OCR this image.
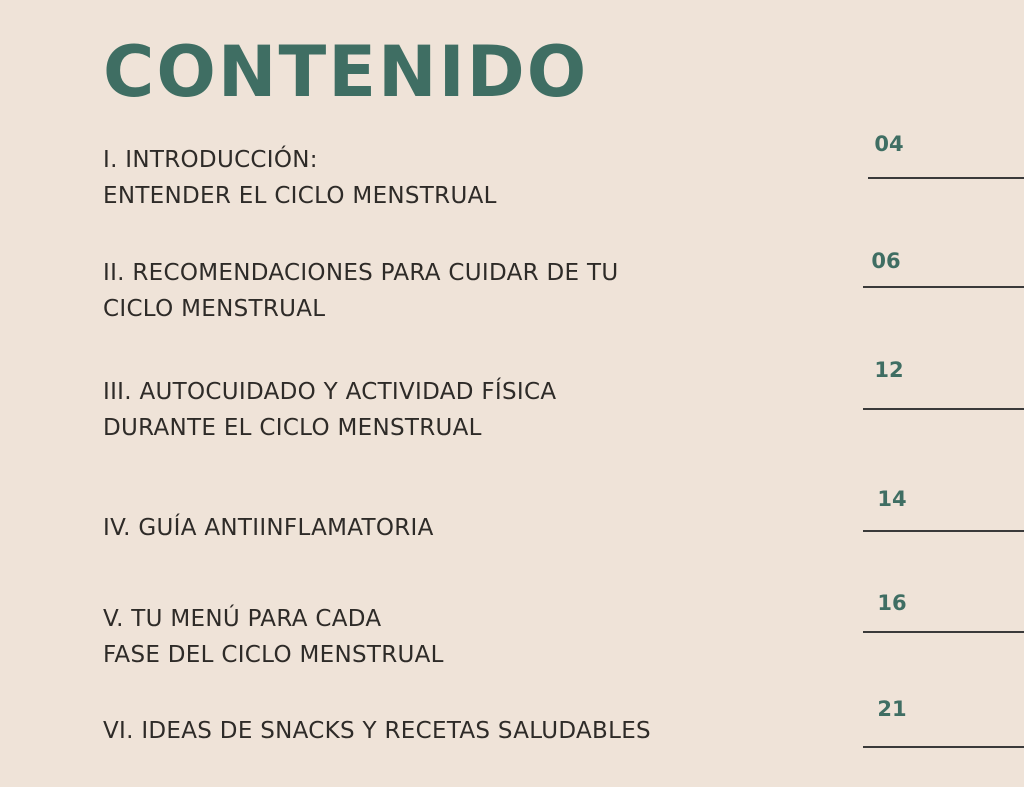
CONTENIDO
I. INTRODUCCIÓN:
ENTENDER EL CICLO MENSTRUAL
04
II. RECOMENDACIONES PARA CUIDAR DE TU
CICLO MENSTRUAL
06
III. AUTOCUIDADO Y ACTIVIDAD FÍSICA
DURANTE EL CICLO MENSTRUAL
12
IV. GUÍA ANTIINFLAMATORIA
14
V. TU MENÚ PARA CADA
FASE DEL CICLO MENSTRUAL
16
VI. IDEAS DE SNACKS Y RECETAS SALUDABLES
21
